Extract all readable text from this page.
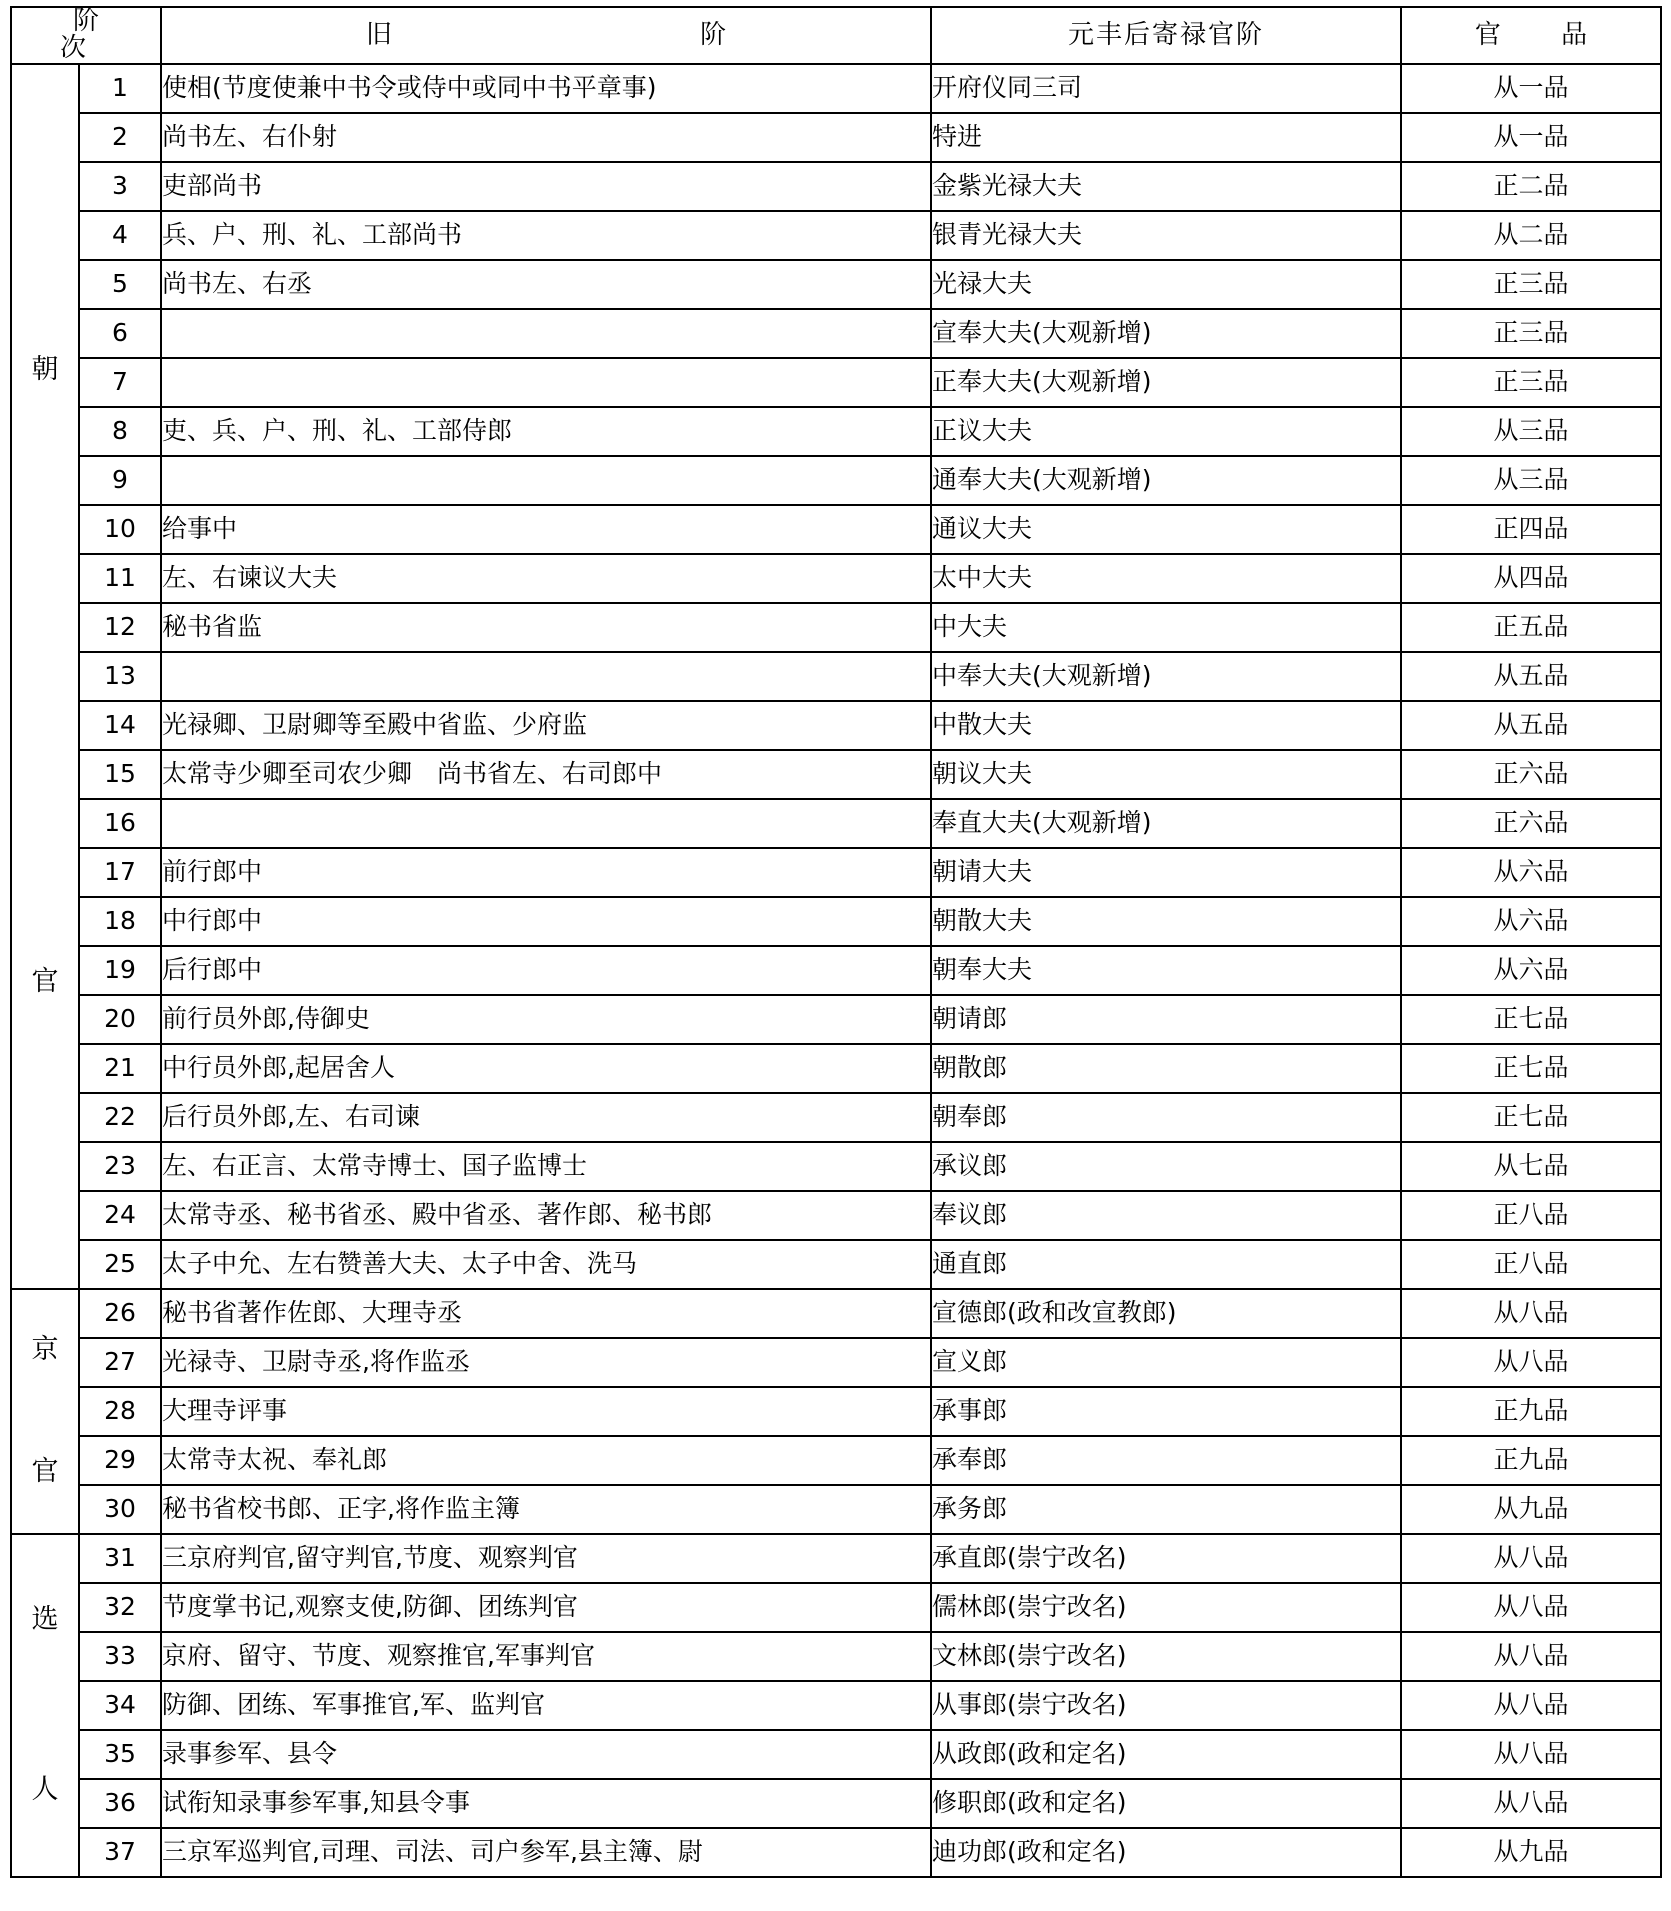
阶 次		旧 阶	元丰后寄禄官阶	官 品

朝
官	1	使相(节度使兼中书令或侍中或同中书平章事)	开府仪同三司	从一品
	2	尚书左、右仆射	特进	从一品
	3	吏部尚书	金紫光禄大夫	正二品
	4	兵、户、刑、礼、工部尚书	银青光禄大夫	从二品
	5	尚书左、右丞	光禄大夫	正三品
	6		宣奉大夫(大观新增)	正三品
	7		正奉大夫(大观新增)	正三品
	8	吏、兵、户、刑、礼、工部侍郎	正议大夫	从三品
	9		通奉大夫(大观新增)	从三品
	10	给事中	通议大夫	正四品
	11	左、右谏议大夫	太中大夫	从四品
	12	秘书省监	中大夫	正五品
	13		中奉大夫(大观新增)	从五品
	14	光禄卿、卫尉卿等至殿中省监、少府监	中散大夫	从五品
	15	太常寺少卿至司农少卿　尚书省左、右司郎中	朝议大夫	正六品
	16		奉直大夫(大观新增)	正六品
	17	前行郎中	朝请大夫	从六品
	18	中行郎中	朝散大夫	从六品
	19	后行郎中	朝奉大夫	从六品
	20	前行员外郎,侍御史	朝请郎	正七品
	21	中行员外郎,起居舍人	朝散郎	正七品
	22	后行员外郎,左、右司谏	朝奉郎	正七品
	23	左、右正言、太常寺博士、国子监博士	承议郎	从七品
	24	太常寺丞、秘书省丞、殿中省丞、著作郎、秘书郎	奉议郎	正八品
	25	太子中允、左右赞善大夫、太子中舍、洗马	通直郎	正八品

京
官	26	秘书省著作佐郎、大理寺丞	宣德郎(政和改宣教郎)	从八品
	27	光禄寺、卫尉寺丞,将作监丞	宣义郎	从八品
	28	大理寺评事	承事郎	正九品
	29	太常寺太祝、奉礼郎	承奉郎	正九品
	30	秘书省校书郎、正字,将作监主簿	承务郎	从九品

选
人	31	三京府判官,留守判官,节度、观察判官	承直郎(崇宁改名)	从八品
	32	节度掌书记,观察支使,防御、团练判官	儒林郎(崇宁改名)	从八品
	33	京府、留守、节度、观察推官,军事判官	文林郎(崇宁改名)	从八品
	34	防御、团练、军事推官,军、监判官	从事郎(崇宁改名)	从八品
	35	录事参军、县令	从政郎(政和定名)	从八品
	36	试衔知录事参军事,知县令事	修职郎(政和定名)	从八品
	37	三京军巡判官,司理、司法、司户参军,县主簿、尉	迪功郎(政和定名)	从九品
